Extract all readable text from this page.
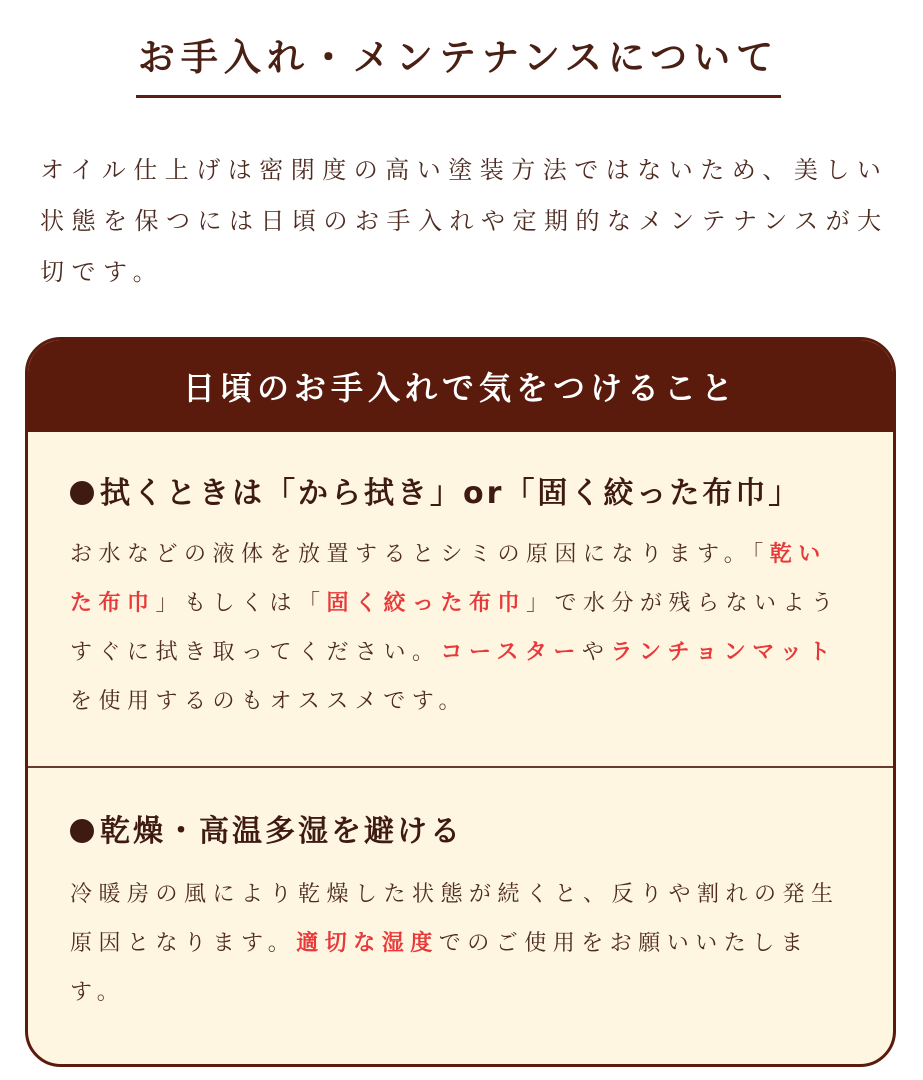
お手入れ・メンテナンスについて

オイル仕上げは密閉度の高い塗装方法ではないため、美しい状態を保つには日頃のお手入れや定期的なメンテナンスが大切です。

日頃のお手入れで気をつけること
拭くときは「から拭き」or「固く絞った布巾」

お水などの液体を放置するとシミの原因になります。「乾いた布巾」もしくは「固く絞った布巾」で水分が残らないようすぐに拭き取ってください。コースターやランチョンマットを使用するのもオススメです。

乾燥・高温多湿を避ける

冷暖房の風により乾燥した状態が続くと、反りや割れの発生原因となります。適切な湿度でのご使用をお願いいたします。
